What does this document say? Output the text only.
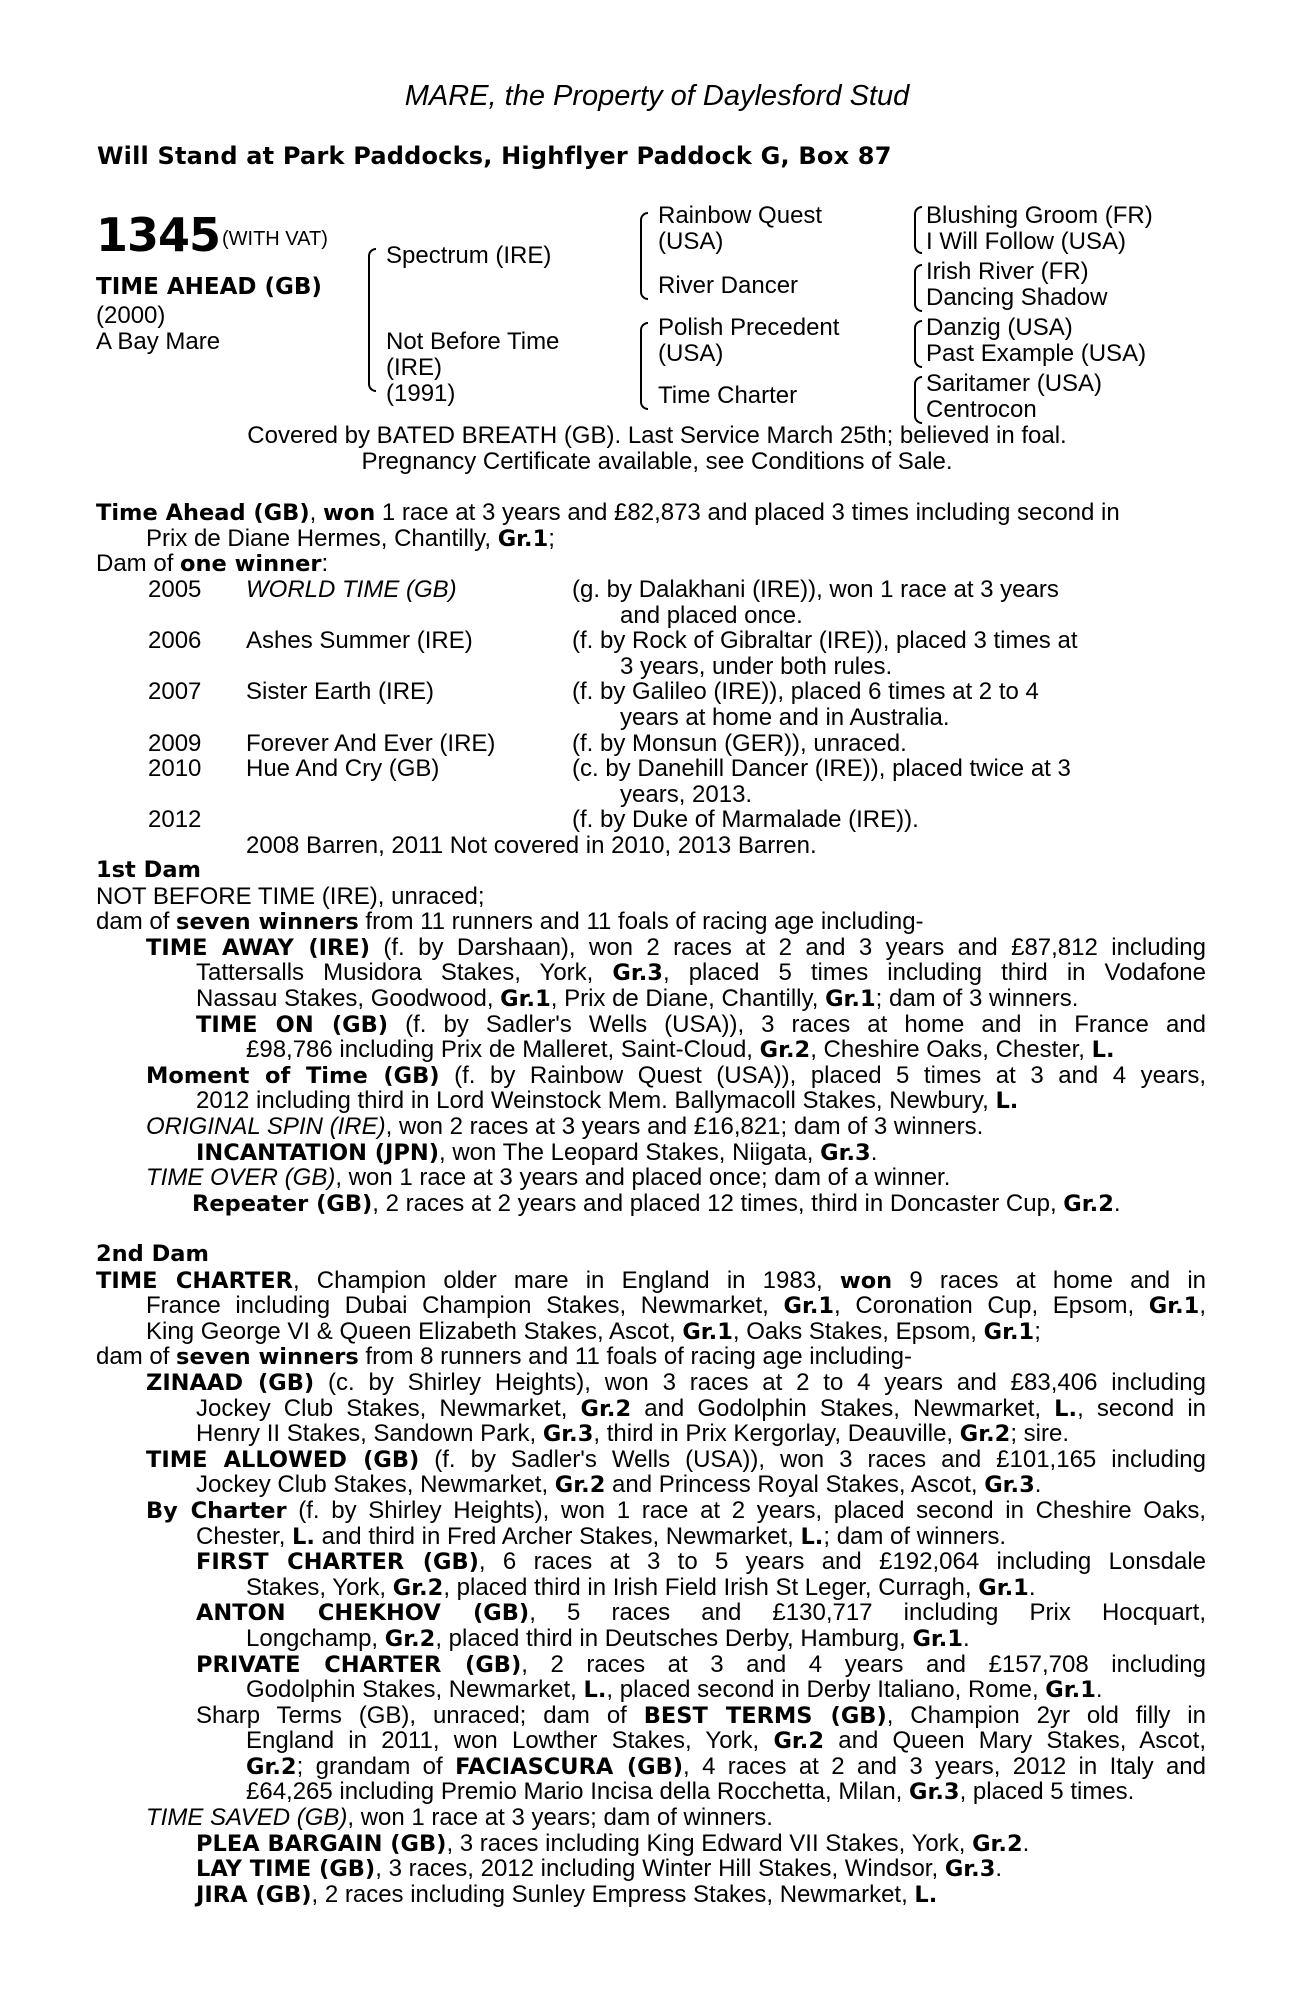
MARE, the Property of Daylesford Stud
Will Stand at Park Paddocks, Highflyer Paddock G, Box 87
1345 (WITH VAT)
TIME AHEAD (GB)
(2000)
A Bay Mare
Spectrum (IRE)
Not Before Time
(IRE)
(1991)
Rainbow Quest
(USA)
River Dancer
Polish Precedent
(USA)
Time Charter
Blushing Groom (FR)
I Will Follow (USA)
Irish River (FR)
Dancing Shadow
Danzig (USA)
Past Example (USA)
Saritamer (USA)
Centrocon
Covered by BATED BREATH (GB). Last Service March 25th; believed in foal.
Pregnancy Certificate available, see Conditions of Sale.
Time Ahead (GB), won 1 race at 3 years and £82,873 and placed 3 times including second in
Prix de Diane Hermes, Chantilly, Gr.1;
Dam of one winner:
2005 WORLD TIME (GB)	(g. by Dalakhani (IRE)), won 1 race at 3 years
and placed once.
2006 Ashes Summer (IRE)	(f. by Rock of Gibraltar (IRE)), placed 3 times at
3 years, under both rules.
2007 Sister Earth (IRE)	(f. by Galileo (IRE)), placed 6 times at 2 to 4
years at home and in Australia.
2009 Forever And Ever (IRE)	(f. by Monsun (GER)), unraced.
2010 Hue And Cry (GB)	(c. by Danehill Dancer (IRE)), placed twice at 3
years, 2013.
2012	(f. by Duke of Marmalade (IRE)).
2008 Barren, 2011 Not covered in 2010, 2013 Barren.
1st Dam
NOT BEFORE TIME (IRE), unraced;
dam of seven winners from 11 runners and 11 foals of racing age including-
TIME AWAY (IRE) (f. by Darshaan), won 2 races at 2 and 3 years and £87,812 including
Tattersalls Musidora Stakes, York, Gr.3, placed 5 times including third in Vodafone
Nassau Stakes, Goodwood, Gr.1, Prix de Diane, Chantilly, Gr.1; dam of 3 winners.
TIME ON (GB) (f. by Sadler's Wells (USA)), 3 races at home and in France and
£98,786 including Prix de Malleret, Saint-Cloud, Gr.2, Cheshire Oaks, Chester, L.
Moment of Time (GB) (f. by Rainbow Quest (USA)), placed 5 times at 3 and 4 years,
2012 including third in Lord Weinstock Mem. Ballymacoll Stakes, Newbury, L.
ORIGINAL SPIN (IRE), won 2 races at 3 years and £16,821; dam of 3 winners.
INCANTATION (JPN), won The Leopard Stakes, Niigata, Gr.3.
TIME OVER (GB), won 1 race at 3 years and placed once; dam of a winner.
Repeater (GB), 2 races at 2 years and placed 12 times, third in Doncaster Cup, Gr.2.
2nd Dam
TIME CHARTER, Champion older mare in England in 1983, won 9 races at home and in
France including Dubai Champion Stakes, Newmarket, Gr.1, Coronation Cup, Epsom, Gr.1,
King George VI & Queen Elizabeth Stakes, Ascot, Gr.1, Oaks Stakes, Epsom, Gr.1;
dam of seven winners from 8 runners and 11 foals of racing age including-
ZINAAD (GB) (c. by Shirley Heights), won 3 races at 2 to 4 years and £83,406 including
Jockey Club Stakes, Newmarket, Gr.2 and Godolphin Stakes, Newmarket, L., second in
Henry II Stakes, Sandown Park, Gr.3, third in Prix Kergorlay, Deauville, Gr.2; sire.
TIME ALLOWED (GB) (f. by Sadler's Wells (USA)), won 3 races and £101,165 including
Jockey Club Stakes, Newmarket, Gr.2 and Princess Royal Stakes, Ascot, Gr.3.
By Charter (f. by Shirley Heights), won 1 race at 2 years, placed second in Cheshire Oaks,
Chester, L. and third in Fred Archer Stakes, Newmarket, L.; dam of winners.
FIRST CHARTER (GB), 6 races at 3 to 5 years and £192,064 including Lonsdale
Stakes, York, Gr.2, placed third in Irish Field Irish St Leger, Curragh, Gr.1.
ANTON CHEKHOV (GB), 5 races and £130,717 including Prix Hocquart,
Longchamp, Gr.2, placed third in Deutsches Derby, Hamburg, Gr.1.
PRIVATE CHARTER (GB), 2 races at 3 and 4 years and £157,708 including
Godolphin Stakes, Newmarket, L., placed second in Derby Italiano, Rome, Gr.1.
Sharp Terms (GB), unraced; dam of BEST TERMS (GB), Champion 2yr old filly in
England in 2011, won Lowther Stakes, York, Gr.2 and Queen Mary Stakes, Ascot,
Gr.2; grandam of FACIASCURA (GB), 4 races at 2 and 3 years, 2012 in Italy and
£64,265 including Premio Mario Incisa della Rocchetta, Milan, Gr.3, placed 5 times.
TIME SAVED (GB), won 1 race at 3 years; dam of winners.
PLEA BARGAIN (GB), 3 races including King Edward VII Stakes, York, Gr.2.
LAY TIME (GB), 3 races, 2012 including Winter Hill Stakes, Windsor, Gr.3.
JIRA (GB), 2 races including Sunley Empress Stakes, Newmarket, L.
